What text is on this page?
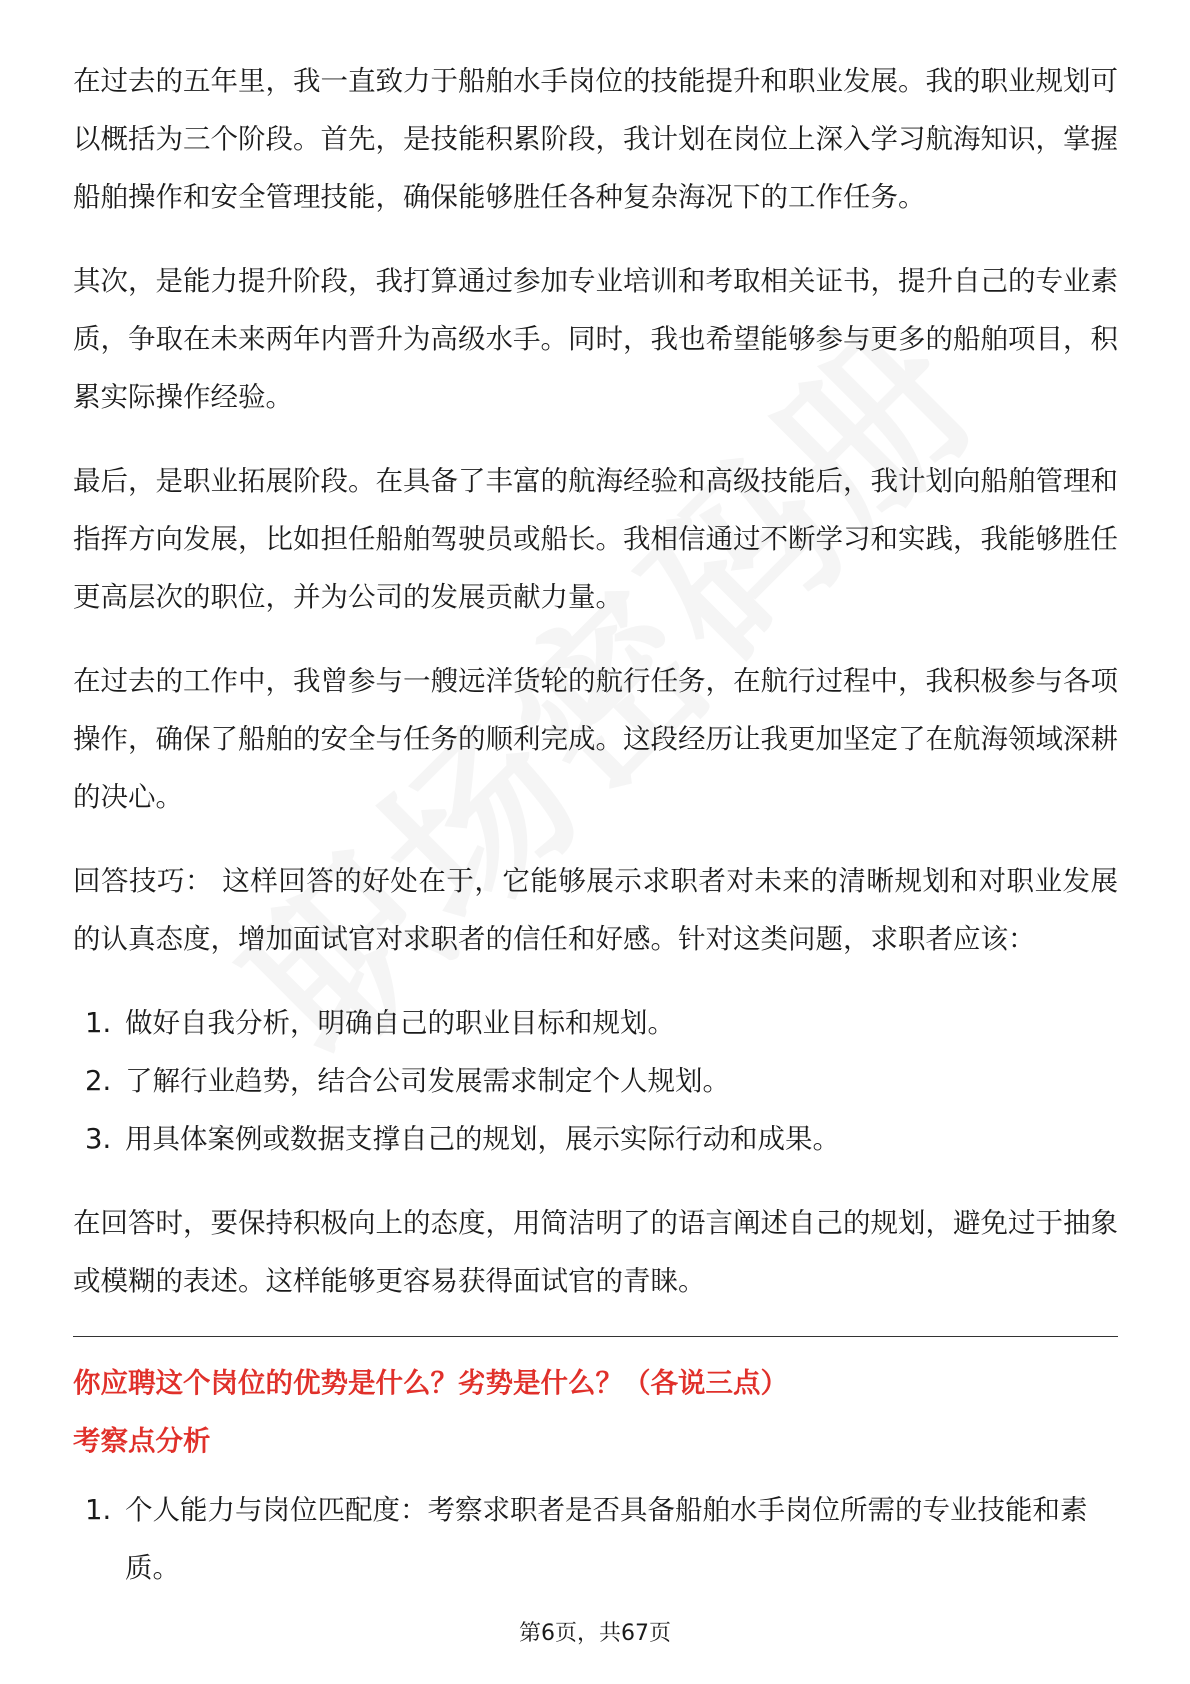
在过去的五年里，我一直致力于船舶水手岗位的技能提升和职业发展。我的职业规划可以概括为三个阶段。首先，是技能积累阶段，我计划在岗位上深入学习航海知识，掌握船舶操作和安全管理技能，确保能够胜任各种复杂海况下的工作任务。

其次，是能力提升阶段，我打算通过参加专业培训和考取相关证书，提升自己的专业素质，争取在未来两年内晋升为高级水手。同时，我也希望能够参与更多的船舶项目，积累实际操作经验。

最后，是职业拓展阶段。在具备了丰富的航海经验和高级技能后，我计划向船舶管理和指挥方向发展，比如担任船舶驾驶员或船长。我相信通过不断学习和实践，我能够胜任更高层次的职位，并为公司的发展贡献力量。

在过去的工作中，我曾参与一艘远洋货轮的航行任务，在航行过程中，我积极参与各项操作，确保了船舶的安全与任务的顺利完成。这段经历让我更加坚定了在航海领域深耕的决心。

回答技巧： 这样回答的好处在于，它能够展示求职者对未来的清晰规划和对职业发展的认真态度，增加面试官对求职者的信任和好感。针对这类问题，求职者应该：

1. 做好自我分析，明确自己的职业目标和规划。
2. 了解行业趋势，结合公司发展需求制定个人规划。
3. 用具体案例或数据支撑自己的规划，展示实际行动和成果。

在回答时，要保持积极向上的态度，用简洁明了的语言阐述自己的规划，避免过于抽象或模糊的表述。这样能够更容易获得面试官的青睐。

你应聘这个岗位的优势是什么？劣势是什么？（各说三点）

考察点分析

1. 个人能力与岗位匹配度：考察求职者是否具备船舶水手岗位所需的专业技能和素质。
第6页，共67页
